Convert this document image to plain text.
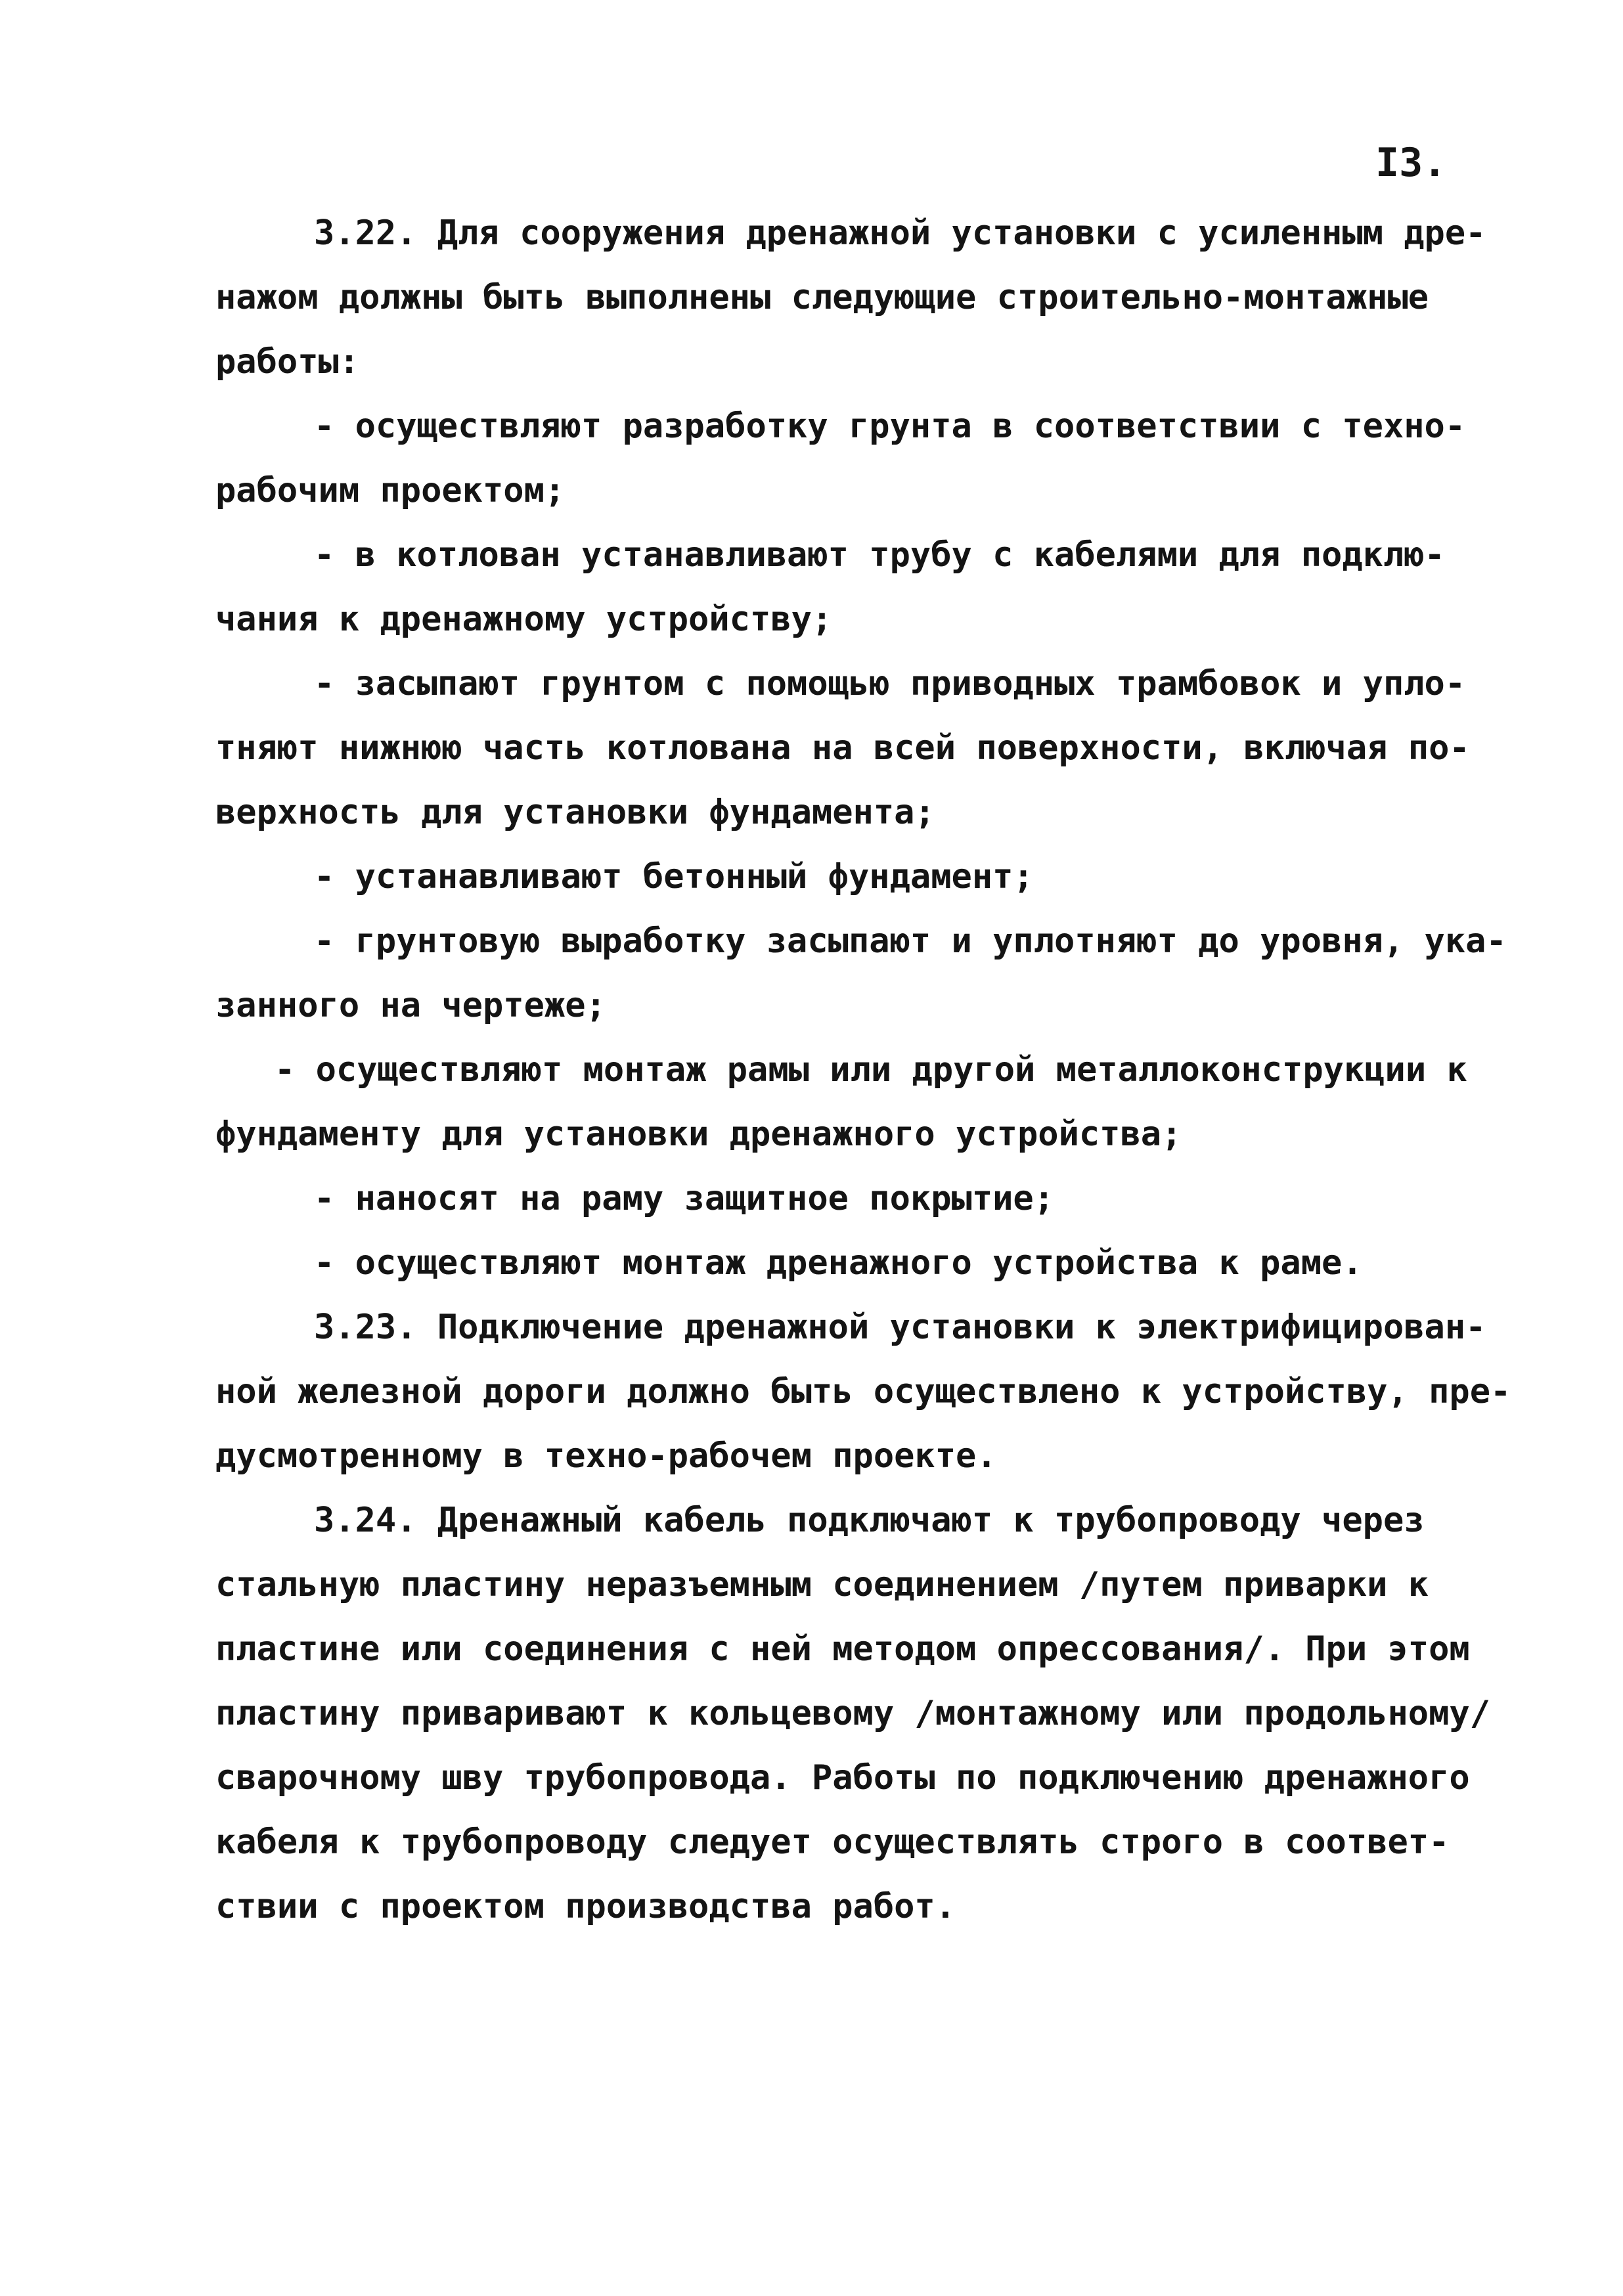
I3.
3.22. Для сооружения дренажной установки с усиленным дре-
нажом должны быть выполнены следующие строительно-монтажные
работы:
- осуществляют разработку грунта в соответствии с техно-
рабочим проектом;
- в котлован устанавливают трубу с кабелями для подклю-
чания к дренажному устройству;
- засыпают грунтом с помощью приводных трамбовок и упло-
тняют нижнюю часть котлована на всей поверхности, включая по-
верхность для установки фундамента;
- устанавливают бетонный фундамент;
- грунтовую выработку засыпают и уплотняют до уровня, ука-
занного на чертеже;
- осуществляют монтаж рамы или другой металлоконструкции к
фундаменту для установки дренажного устройства;
- наносят на раму защитное покрытие;
- осуществляют монтаж дренажного устройства к раме.
3.23. Подключение дренажной установки к электрифицирован-
ной железной дороги должно быть осуществлено к устройству, пре-
дусмотренному в техно-рабочем проекте.
3.24. Дренажный кабель подключают к трубопроводу через
стальную пластину неразъемным соединением /путем приварки к
пластине или соединения с ней методом опрессования/. При этом
пластину приваривают к кольцевому /монтажному или продольному/
сварочному шву трубопровода. Работы по подключению дренажного
кабеля к трубопроводу следует осуществлять строго в соответ-
ствии с проектом производства работ.
